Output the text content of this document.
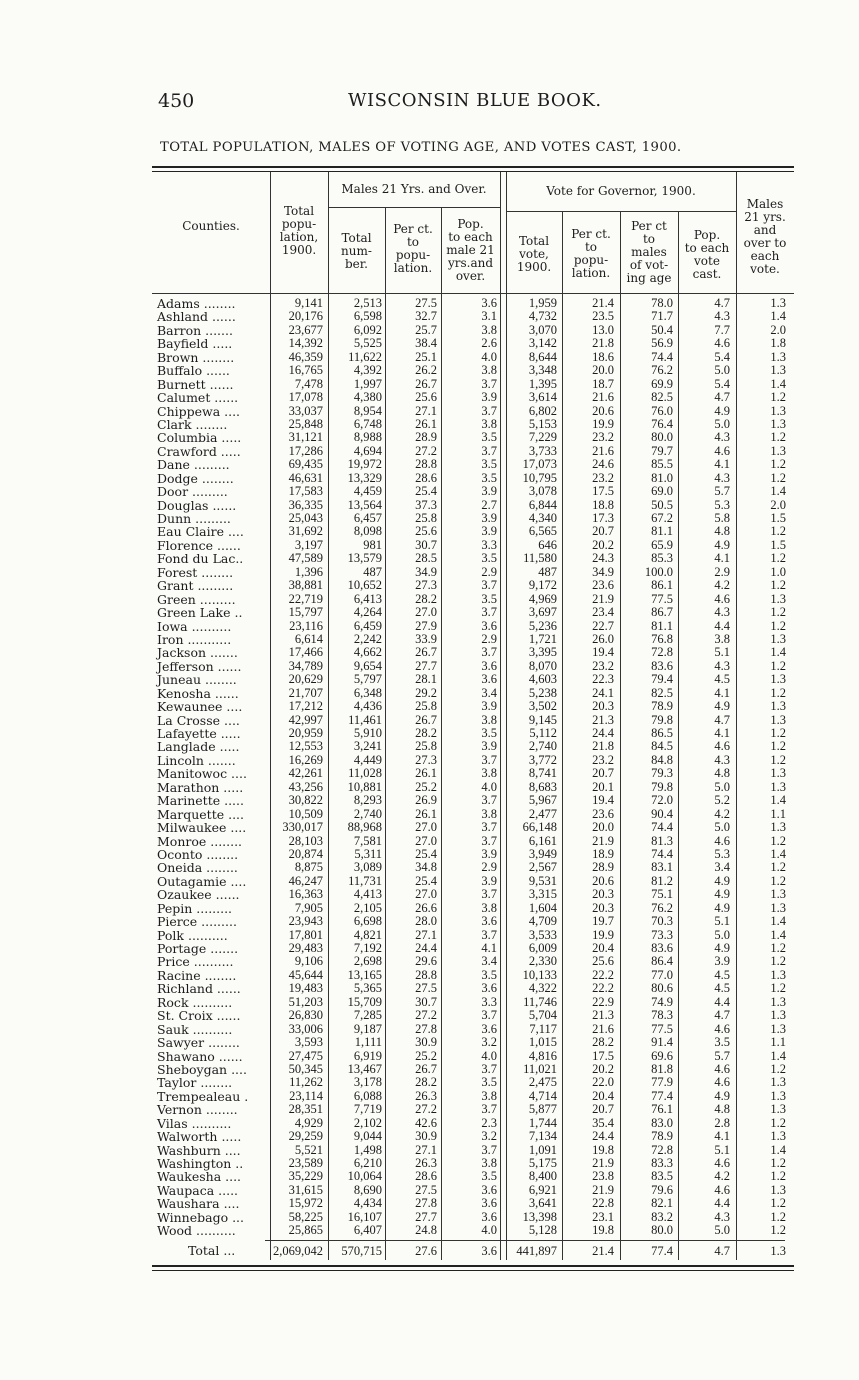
450	WISCONSIN BLUE BOOK.
TOTAL POPULATION, MALES OF VOTING AGE, AND VOTES CAST, 1900.
Counties.
Total
popu-
lation,
1900.
Males 21 Yrs. and Over.
Total
num-
ber.
Per ct.
to
popu-
lation.
Pop.
to each
male 21
yrs.and
over.
Vote for Governor, 1900.
Total
vote,
1900.
Per ct.
to
popu-
lation.
Per ct
to
males
of vot-
ing age
Pop.
to each
vote
cast.
Males
21 yrs.
and
over to
each
vote.
Adams ........	9,141 2,513	27.5	3.6	1,959	21.4	78.0	4.7	1.3
Ashland ......	20,176 6,598	32.7	3.1	4,732	23.5	71.7	4.3	1.4
Barron .......	23,677 6,092	25.7	3.8	3,070	13.0	50.4	7.7	2.0
Bayfield .....	14,392 5,525	38.4	2.6	3,142	21.8	56.9	4.6	1.8
Brown ........	46,359 11,622	25.1	4.0	8,644	18.6	74.4	5.4	1.3
Buffalo ......	16,765 4,392	26.2	3.8	3,348	20.0	76.2	5.0	1.3
Burnett ......	7,478 1,997	26.7	3.7	1,395	18.7	69.9	5.4	1.4
Calumet ......	17,078 4,380	25.6	3.9	3,614	21.6	82.5	4.7	1.2
Chippewa ....	33,037 8,954	27.1	3.7	6,802	20.6	76.0	4.9	1.3
Clark ........	25,848 6,748	26.1	3.8	5,153	19.9	76.4	5.0	1.3
Columbia .....	31,121 8,988	28.9	3.5	7,229	23.2	80.0	4.3	1.2
Crawford .....	17,286 4,694	27.2	3.7	3,733	21.6	79.7	4.6	1.3
Dane .........	69,435 19,972	28.8	3.5 17,073	24.6	85.5	4.1	1.2
Dodge ........	46,631 13,329	28.6	3.5 10,795	23.2	81.0	4.3	1.2
Door .........	17,583 4,459	25.4	3.9	3,078	17.5	69.0	5.7	1.4
Douglas ......	36,335 13,564	37.3	2.7	6,844	18.8	50.5	5.3	2.0
Dunn .........	25,043 6,457	25.8	3.9	4,340	17.3	67.2	5.8	1.5
Eau Claire ....	31,692 8,098	25.6	3.9	6,565	20.7	81.1	4.8	1.2
Florence ......	3,197	981	30.7	3.3	646	20.2	65.9	4.9	1.5
Fond du Lac..	47,589 13,579	28.5	3.5 11,580	24.3	85.3	4.1	1.2
Forest ........	1,396	487	34.9	2.9	487	34.9 100.0	2.9	1.0
Grant .........	38,881 10,652	27.3	3.7	9,172	23.6	86.1	4.2	1.2
Green .........	22,719 6,413	28.2	3.5	4,969	21.9	77.5	4.6	1.3
Green Lake ..	15,797 4,264	27.0	3.7	3,697	23.4	86.7	4.3	1.2
Iowa ..........	23,116 6,459	27.9	3.6	5,236	22.7	81.1	4.4	1.2
Iron ...........	6,614 2,242	33.9	2.9	1,721	26.0	76.8	3.8	1.3
Jackson .......	17,466 4,662	26.7	3.7	3,395	19.4	72.8	5.1	1.4
Jefferson ......	34,789 9,654	27.7	3.6	8,070	23.2	83.6	4.3	1.2
Juneau ........	20,629 5,797	28.1	3.6	4,603	22.3	79.4	4.5	1.3
Kenosha ......	21,707 6,348	29.2	3.4	5,238	24.1	82.5	4.1	1.2
Kewaunee ....	17,212 4,436	25.8	3.9	3,502	20.3	78.9	4.9	1.3
La Crosse ....	42,997 11,461	26.7	3.8	9,145	21.3	79.8	4.7	1.3
Lafayette .....	20,959 5,910	28.2	3.5	5,112	24.4	86.5	4.1	1.2
Langlade .....	12,553 3,241	25.8	3.9	2,740	21.8	84.5	4.6	1.2
Lincoln .......	16,269 4,449	27.3	3.7	3,772	23.2	84.8	4.3	1.2
Manitowoc ....	42,261 11,028	26.1	3.8	8,741	20.7	79.3	4.8	1.3
Marathon .....	43,256 10,881	25.2	4.0	8,683	20.1	79.8	5.0	1.3
Marinette .....	30,822 8,293	26.9	3.7	5,967	19.4	72.0	5.2	1.4
Marquette ....	10,509 2,740	26.1	3.8	2,477	23.6	90.4	4.2	1.1
Milwaukee ....	330,017 88,968	27.0	3.7 66,148	20.0	74.4	5.0	1.3
Monroe ........	28,103 7,581	27.0	3.7	6,161	21.9	81.3	4.6	1.2
Oconto ........	20,874	5,311	25.4	3.9	3,949	18.9	74.4	5.3	1.4
Oneida ........	8,875 3,089	34.8	2.9	2,567	28.9	83.1	3.4	1.2
Outagamie ....	46,247 11,731	25.4	3.9	9,531	20.6	81.2	4.9	1.2
Ozaukee ......	16,363 4,413	27.0	3.7	3,315	20.3	75.1	4.9	1.3
Pepin .........	7,905 2,105	26.6	3.8	1,604	20.3	76.2	4.9	1.3
Pierce .........	23,943 6,698	28.0	3.6	4,709	19.7	70.3	5.1	1.4
Polk ..........	17,801 4,821	27.1	3.7	3,533	19.9	73.3	5.0	1.4
Portage .......	29,483 7,192	24.4	4.1	6,009	20.4	83.6	4.9	1.2
Price ..........	9,106 2,698	29.6	3.4	2,330	25.6	86.4	3.9	1.2
Racine ........	45,644 13,165	28.8	3.5 10,133	22.2	77.0	4.5	1.3
Richland ......	19,483 5,365	27.5	3.6	4,322	22.2	80.6	4.5	1.2
Rock ..........	51,203 15,709	30.7	3.3 11,746	22.9	74.9	4.4	1.3
St. Croix ......	26,830 7,285	27.2	3.7	5,704	21.3	78.3	4.7	1.3
Sauk ..........	33,006 9,187	27.8	3.6	7,117	21.6	77.5	4.6	1.3
Sawyer ........	3,593	1,111	30.9	3.2	1,015	28.2	91.4	3.5	1.1
Shawano ......	27,475 6,919	25.2	4.0	4,816	17.5	69.6	5.7	1.4
Sheboygan ....	50,345 13,467	26.7	3.7 11,021	20.2	81.8	4.6	1.2
Taylor ........	11,262 3,178	28.2	3.5	2,475	22.0	77.9	4.6	1.3
Trempealeau .	23,114 6,088	26.3	3.8	4,714	20.4	77.4	4.9	1.3
Vernon ........	28,351 7,719	27.2	3.7	5,877	20.7	76.1	4.8	1.3
Vilas ..........	4,929 2,102	42.6	2.3	1,744	35.4	83.0	2.8	1.2
Walworth .....	29,259 9,044	30.9	3.2	7,134	24.4	78.9	4.1	1.3
Washburn ....	5,521 1,498	27.1	3.7	1,091	19.8	72.8	5.1	1.4
Washington ..	23,589 6,210	26.3	3.8	5,175	21.9	83.3	4.6	1.2
Waukesha ....	35,229 10,064	28.6	3.5	8,400	23.8	83.5	4.2	1.2
Waupaca .....	31,615 8,690	27.5	3.6	6,921	21.9	79.6	4.6	1.3
Waushara ....	15,972 4,434	27.8	3.6	3,641	22.8	82.1	4.4	1.2
Winnebago ...	58,225 16,107	27.7	3.6 13,398	23.1	83.2	4.3	1.2
Wood ..........	25,865 6,407	24.8	4.0	5,128	19.8	80.0	5.0	1.2
Total ...	2,069,042 570,715	27.6	3.6 441,897	21.4	77.4	4.7	1.3
